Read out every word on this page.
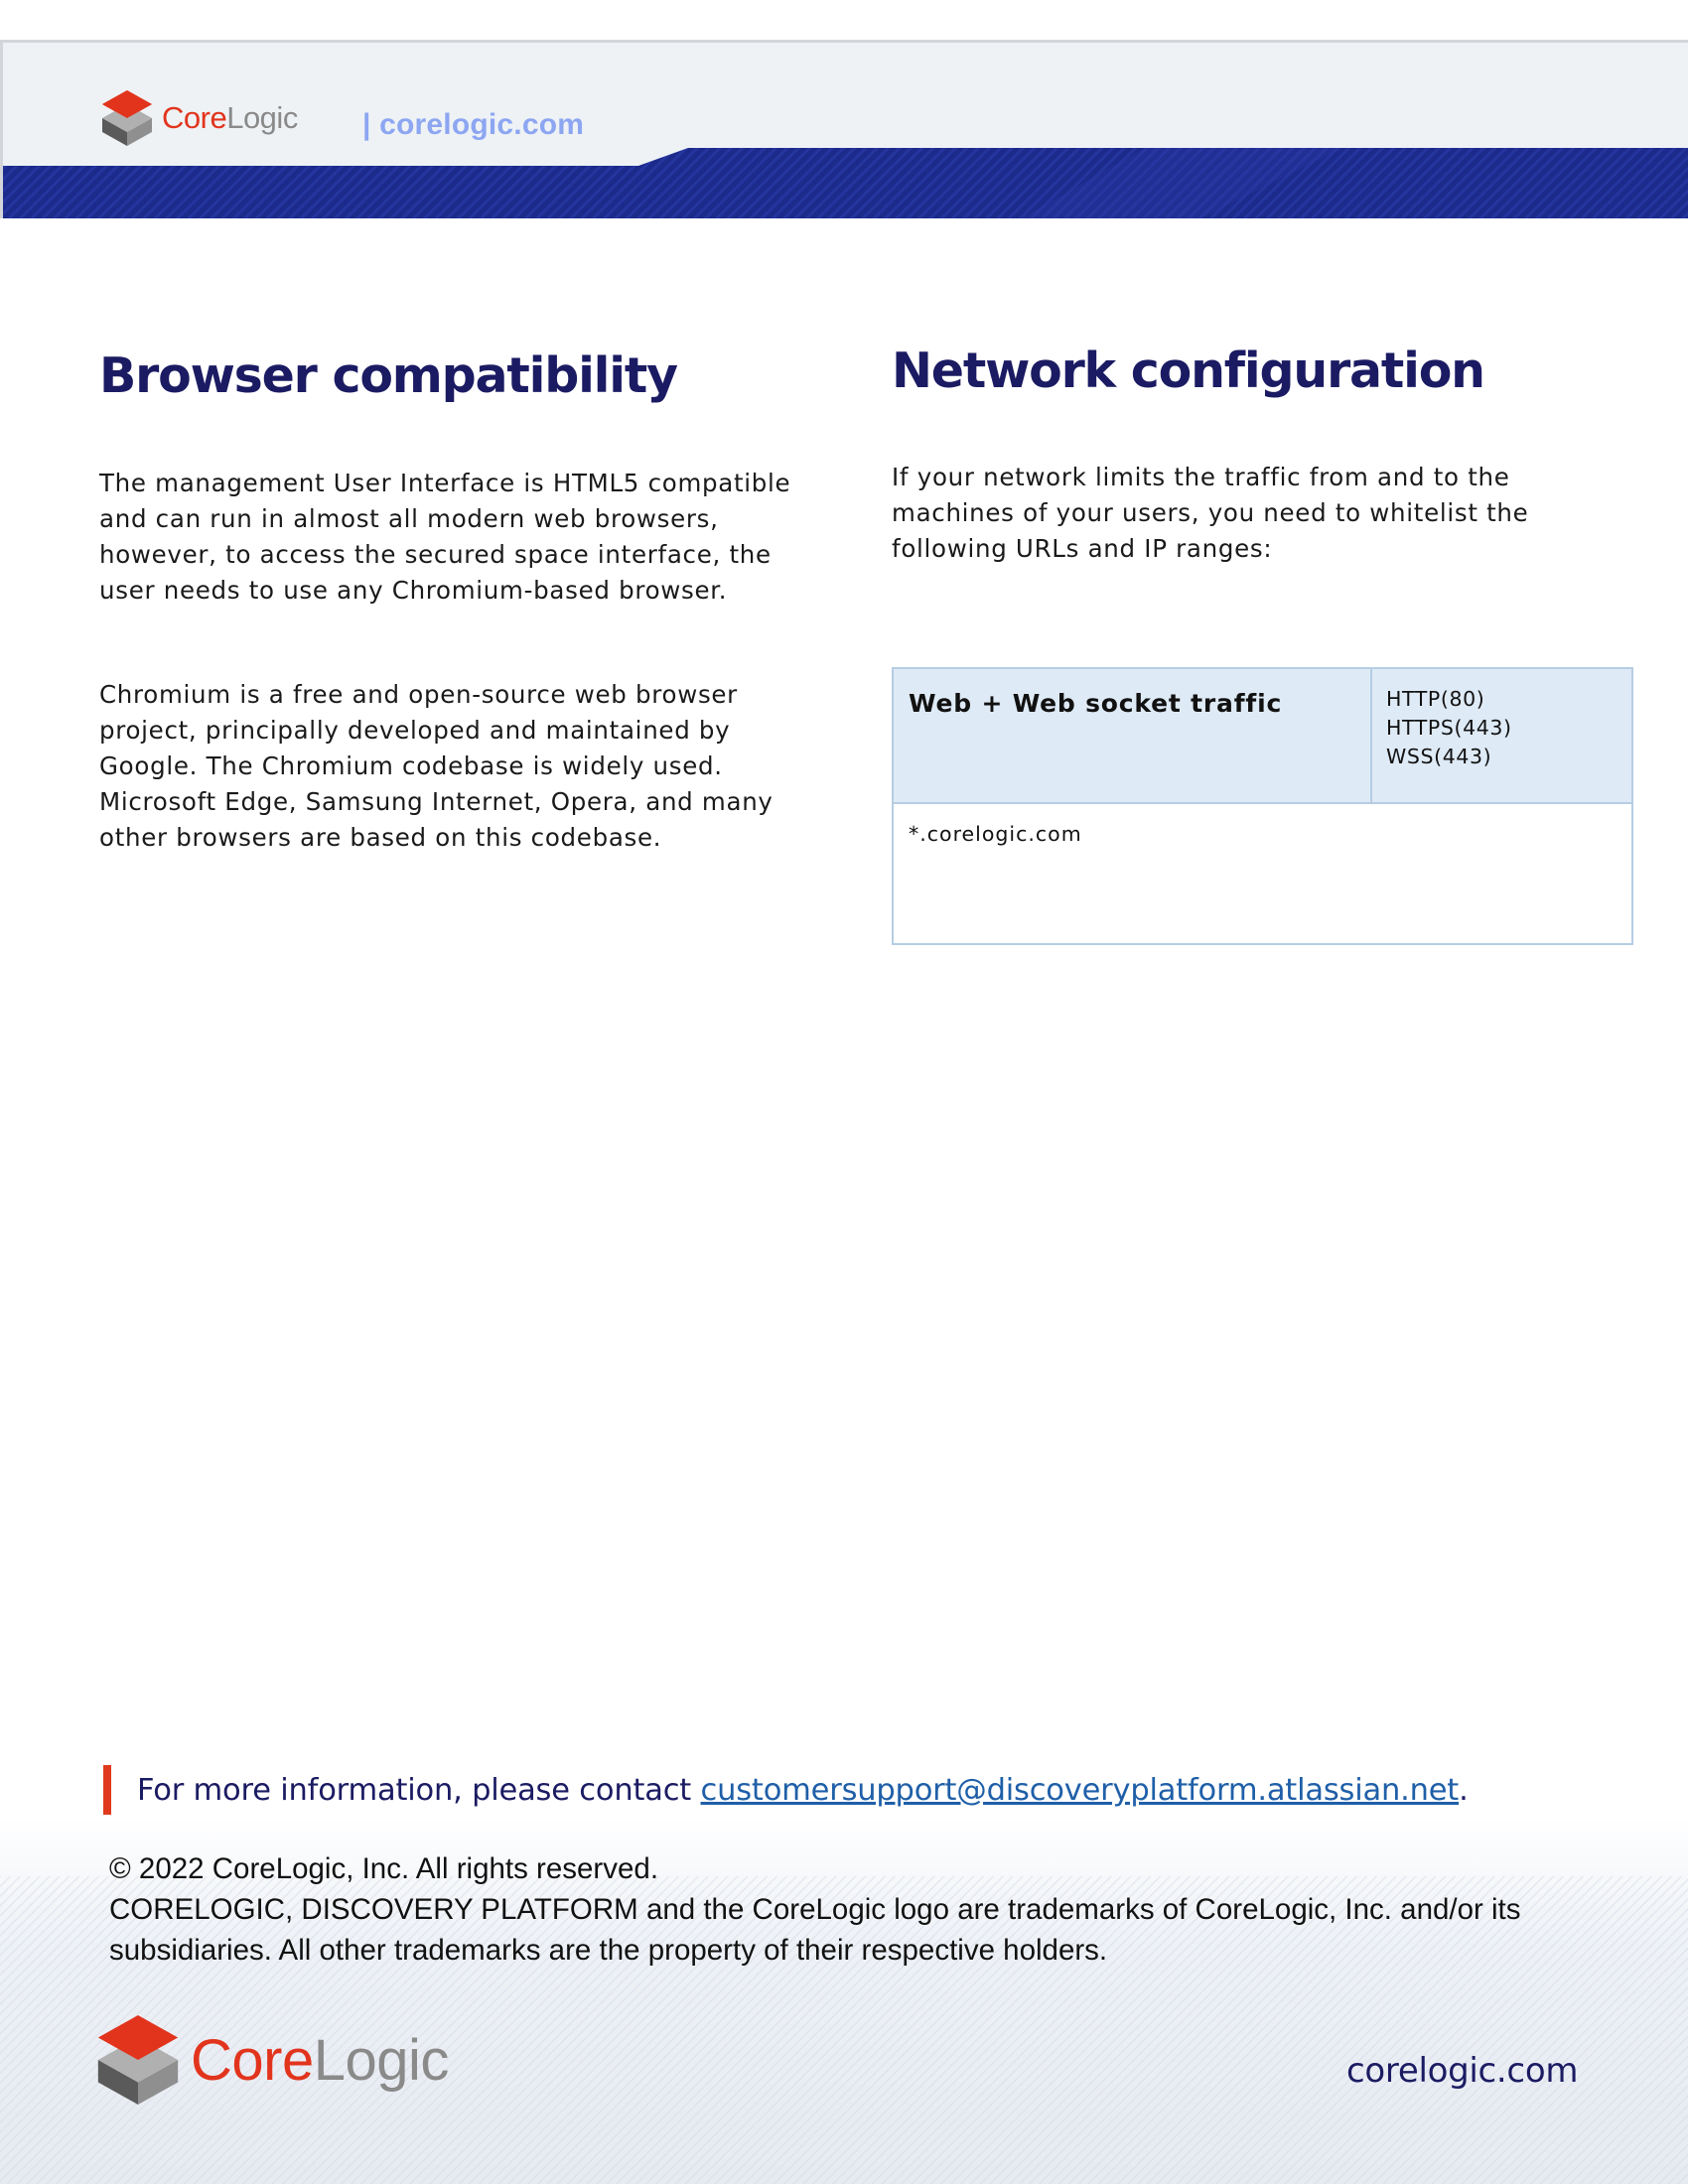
CoreLogic | corelogic.com
Browser compatibility

The management User Interface is HTML5 compatible and can run in almost all modern web browsers, however, to access the secured space interface, the user needs to use any Chromium-based browser.

Chromium is a free and open-source web browser project, principally developed and maintained by Google. The Chromium codebase is widely used. Microsoft Edge, Samsung Internet, Opera, and many other browsers are based on this codebase.

Network configuration

If your network limits the traffic from and to the machines of your users, you need to whitelist the following URLs and IP ranges:

Web + Web socket traffic	HTTP(80)
HTTPS(443)
WSS(443)

*.corelogic.com

For more information, please contact customersupport@discoveryplatform.atlassian.net.

© 2022 CoreLogic, Inc. All rights reserved.
CORELOGIC, DISCOVERY PLATFORM and the CoreLogic logo are trademarks of CoreLogic, Inc. and/or its
subsidiaries. All other trademarks are the property of their respective holders.
CoreLogic	corelogic.com
